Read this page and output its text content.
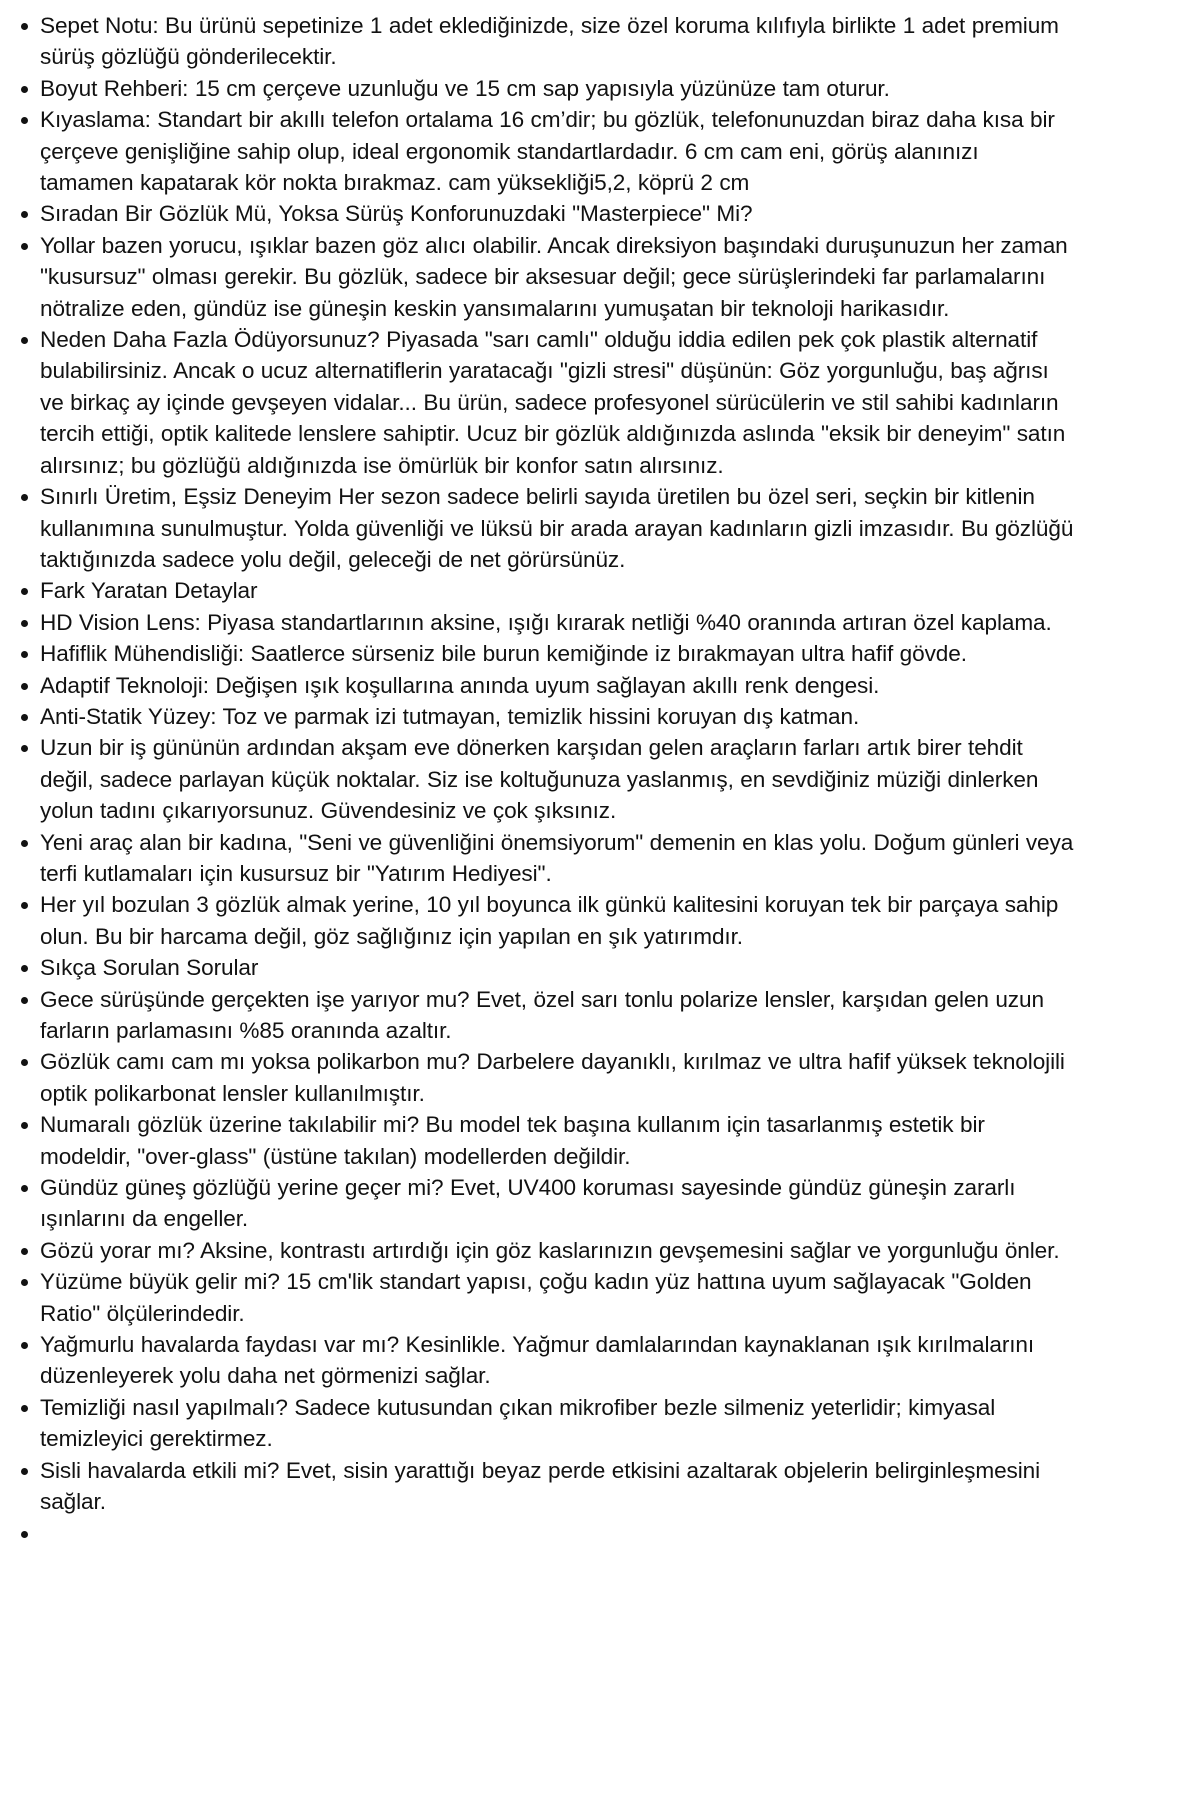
Sepet Notu: Bu ürünü sepetinize 1 adet eklediğinizde, size özel koruma kılıfıyla birlikte 1 adet premium sürüş gözlüğü gönderilecektir.
Boyut Rehberi: 15 cm çerçeve uzunluğu ve 15 cm sap yapısıyla yüzünüze tam oturur.
Kıyaslama: Standart bir akıllı telefon ortalama 16 cm’dir; bu gözlük, telefonunuzdan biraz daha kısa bir çerçeve genişliğine sahip olup, ideal ergonomik standartlardadır. 6 cm cam eni, görüş alanınızı tamamen kapatarak kör nokta bırakmaz. cam yüksekliği5,2, köprü 2 cm
Sıradan Bir Gözlük Mü, Yoksa Sürüş Konforunuzdaki "Masterpiece" Mi?
Yollar bazen yorucu, ışıklar bazen göz alıcı olabilir. Ancak direksiyon başındaki duruşunuzun her zaman "kusursuz" olması gerekir. Bu gözlük, sadece bir aksesuar değil; gece sürüşlerindeki far parlamalarını nötralize eden, gündüz ise güneşin keskin yansımalarını yumuşatan bir teknoloji harikasıdır.
Neden Daha Fazla Ödüyorsunuz? Piyasada "sarı camlı" olduğu iddia edilen pek çok plastik alternatif bulabilirsiniz. Ancak o ucuz alternatiflerin yaratacağı "gizli stresi" düşünün: Göz yorgunluğu, baş ağrısı ve birkaç ay içinde gevşeyen vidalar... Bu ürün, sadece profesyonel sürücülerin ve stil sahibi kadınların tercih ettiği, optik kalitede lenslere sahiptir. Ucuz bir gözlük aldığınızda aslında "eksik bir deneyim" satın alırsınız; bu gözlüğü aldığınızda ise ömürlük bir konfor satın alırsınız.
Sınırlı Üretim, Eşsiz Deneyim Her sezon sadece belirli sayıda üretilen bu özel seri, seçkin bir kitlenin kullanımına sunulmuştur. Yolda güvenliği ve lüksü bir arada arayan kadınların gizli imzasıdır. Bu gözlüğü taktığınızda sadece yolu değil, geleceği de net görürsünüz.
Fark Yaratan Detaylar
HD Vision Lens: Piyasa standartlarının aksine, ışığı kırarak netliği %40 oranında artıran özel kaplama.
Hafiflik Mühendisliği: Saatlerce sürseniz bile burun kemiğinde iz bırakmayan ultra hafif gövde.
Adaptif Teknoloji: Değişen ışık koşullarına anında uyum sağlayan akıllı renk dengesi.
Anti-Statik Yüzey: Toz ve parmak izi tutmayan, temizlik hissini koruyan dış katman.
Uzun bir iş gününün ardından akşam eve dönerken karşıdan gelen araçların farları artık birer tehdit değil, sadece parlayan küçük noktalar. Siz ise koltuğunuza yaslanmış, en sevdiğiniz müziği dinlerken yolun tadını çıkarıyorsunuz. Güvendesiniz ve çok şıksınız.
Yeni araç alan bir kadına, "Seni ve güvenliğini önemsiyorum" demenin en klas yolu. Doğum günleri veya terfi kutlamaları için kusursuz bir "Yatırım Hediyesi".
Her yıl bozulan 3 gözlük almak yerine, 10 yıl boyunca ilk günkü kalitesini koruyan tek bir parçaya sahip olun. Bu bir harcama değil, göz sağlığınız için yapılan en şık yatırımdır.
Sıkça Sorulan Sorular
Gece sürüşünde gerçekten işe yarıyor mu? Evet, özel sarı tonlu polarize lensler, karşıdan gelen uzun farların parlamasını %85 oranında azaltır.
Gözlük camı cam mı yoksa polikarbon mu? Darbelere dayanıklı, kırılmaz ve ultra hafif yüksek teknolojili optik polikarbonat lensler kullanılmıştır.
Numaralı gözlük üzerine takılabilir mi? Bu model tek başına kullanım için tasarlanmış estetik bir modeldir, "over-glass" (üstüne takılan) modellerden değildir.
Gündüz güneş gözlüğü yerine geçer mi? Evet, UV400 koruması sayesinde gündüz güneşin zararlı ışınlarını da engeller.
Gözü yorar mı? Aksine, kontrastı artırdığı için göz kaslarınızın gevşemesini sağlar ve yorgunluğu önler.
Yüzüme büyük gelir mi? 15 cm'lik standart yapısı, çoğu kadın yüz hattına uyum sağlayacak "Golden Ratio" ölçülerindedir.
Yağmurlu havalarda faydası var mı? Kesinlikle. Yağmur damlalarından kaynaklanan ışık kırılmalarını düzenleyerek yolu daha net görmenizi sağlar.
Temizliği nasıl yapılmalı? Sadece kutusundan çıkan mikrofiber bezle silmeniz yeterlidir; kimyasal temizleyici gerektirmez.
Sisli havalarda etkili mi? Evet, sisin yarattığı beyaz perde etkisini azaltarak objelerin belirginleşmesini sağlar.
